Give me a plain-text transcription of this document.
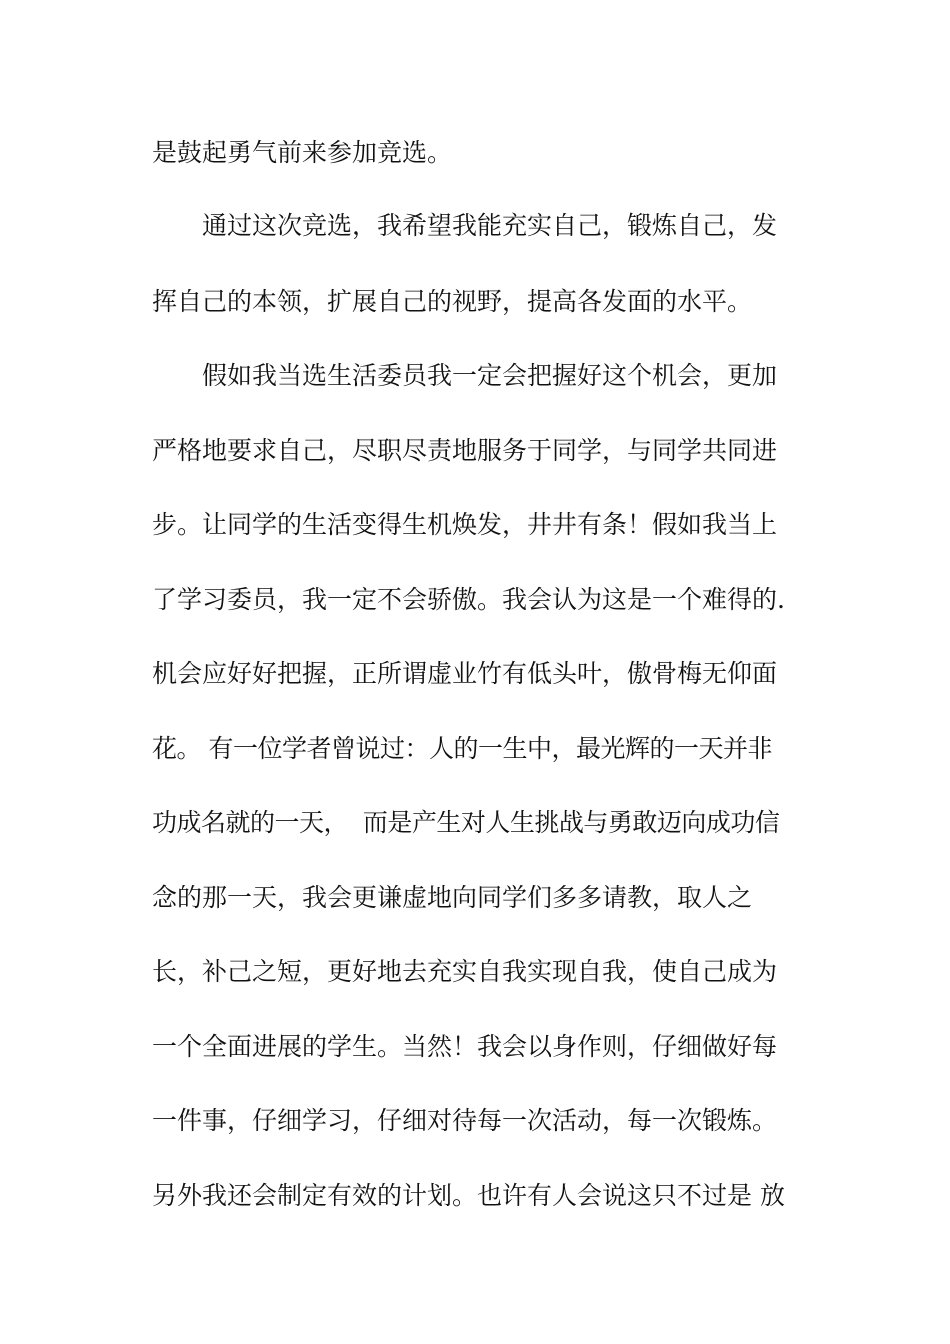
是鼓起勇气前来参加竞选。

通过这次竞选，我希望我能充实自己，锻炼自己，发

挥自己的本领，扩展自己的视野，提高各发面的水平。

假如我当选生活委员我一定会把握好这个机会，更加

严格地要求自己，尽职尽责地服务于同学，与同学共同进

步。让同学的生活变得生机焕发，井井有条！假如我当上

了学习委员，我一定不会骄傲。我会认为这是一个难得的.

机会应好好把握，正所谓虚业竹有低头叶，傲骨梅无仰面

花。 有一位学者曾说过：人的一生中，最光辉的一天并非

功成名就的一天，  而是产生对人生挑战与勇敢迈向成功信

念的那一天，我会更谦虚地向同学们多多请教，取人之

长，补己之短，更好地去充实自我实现自我，使自己成为

一个全面进展的学生。当然！我会以身作则，仔细做好每

一件事，仔细学习，仔细对待每一次活动，每一次锻炼。

另外我还会制定有效的计划。也许有人会说这只不过是 放
